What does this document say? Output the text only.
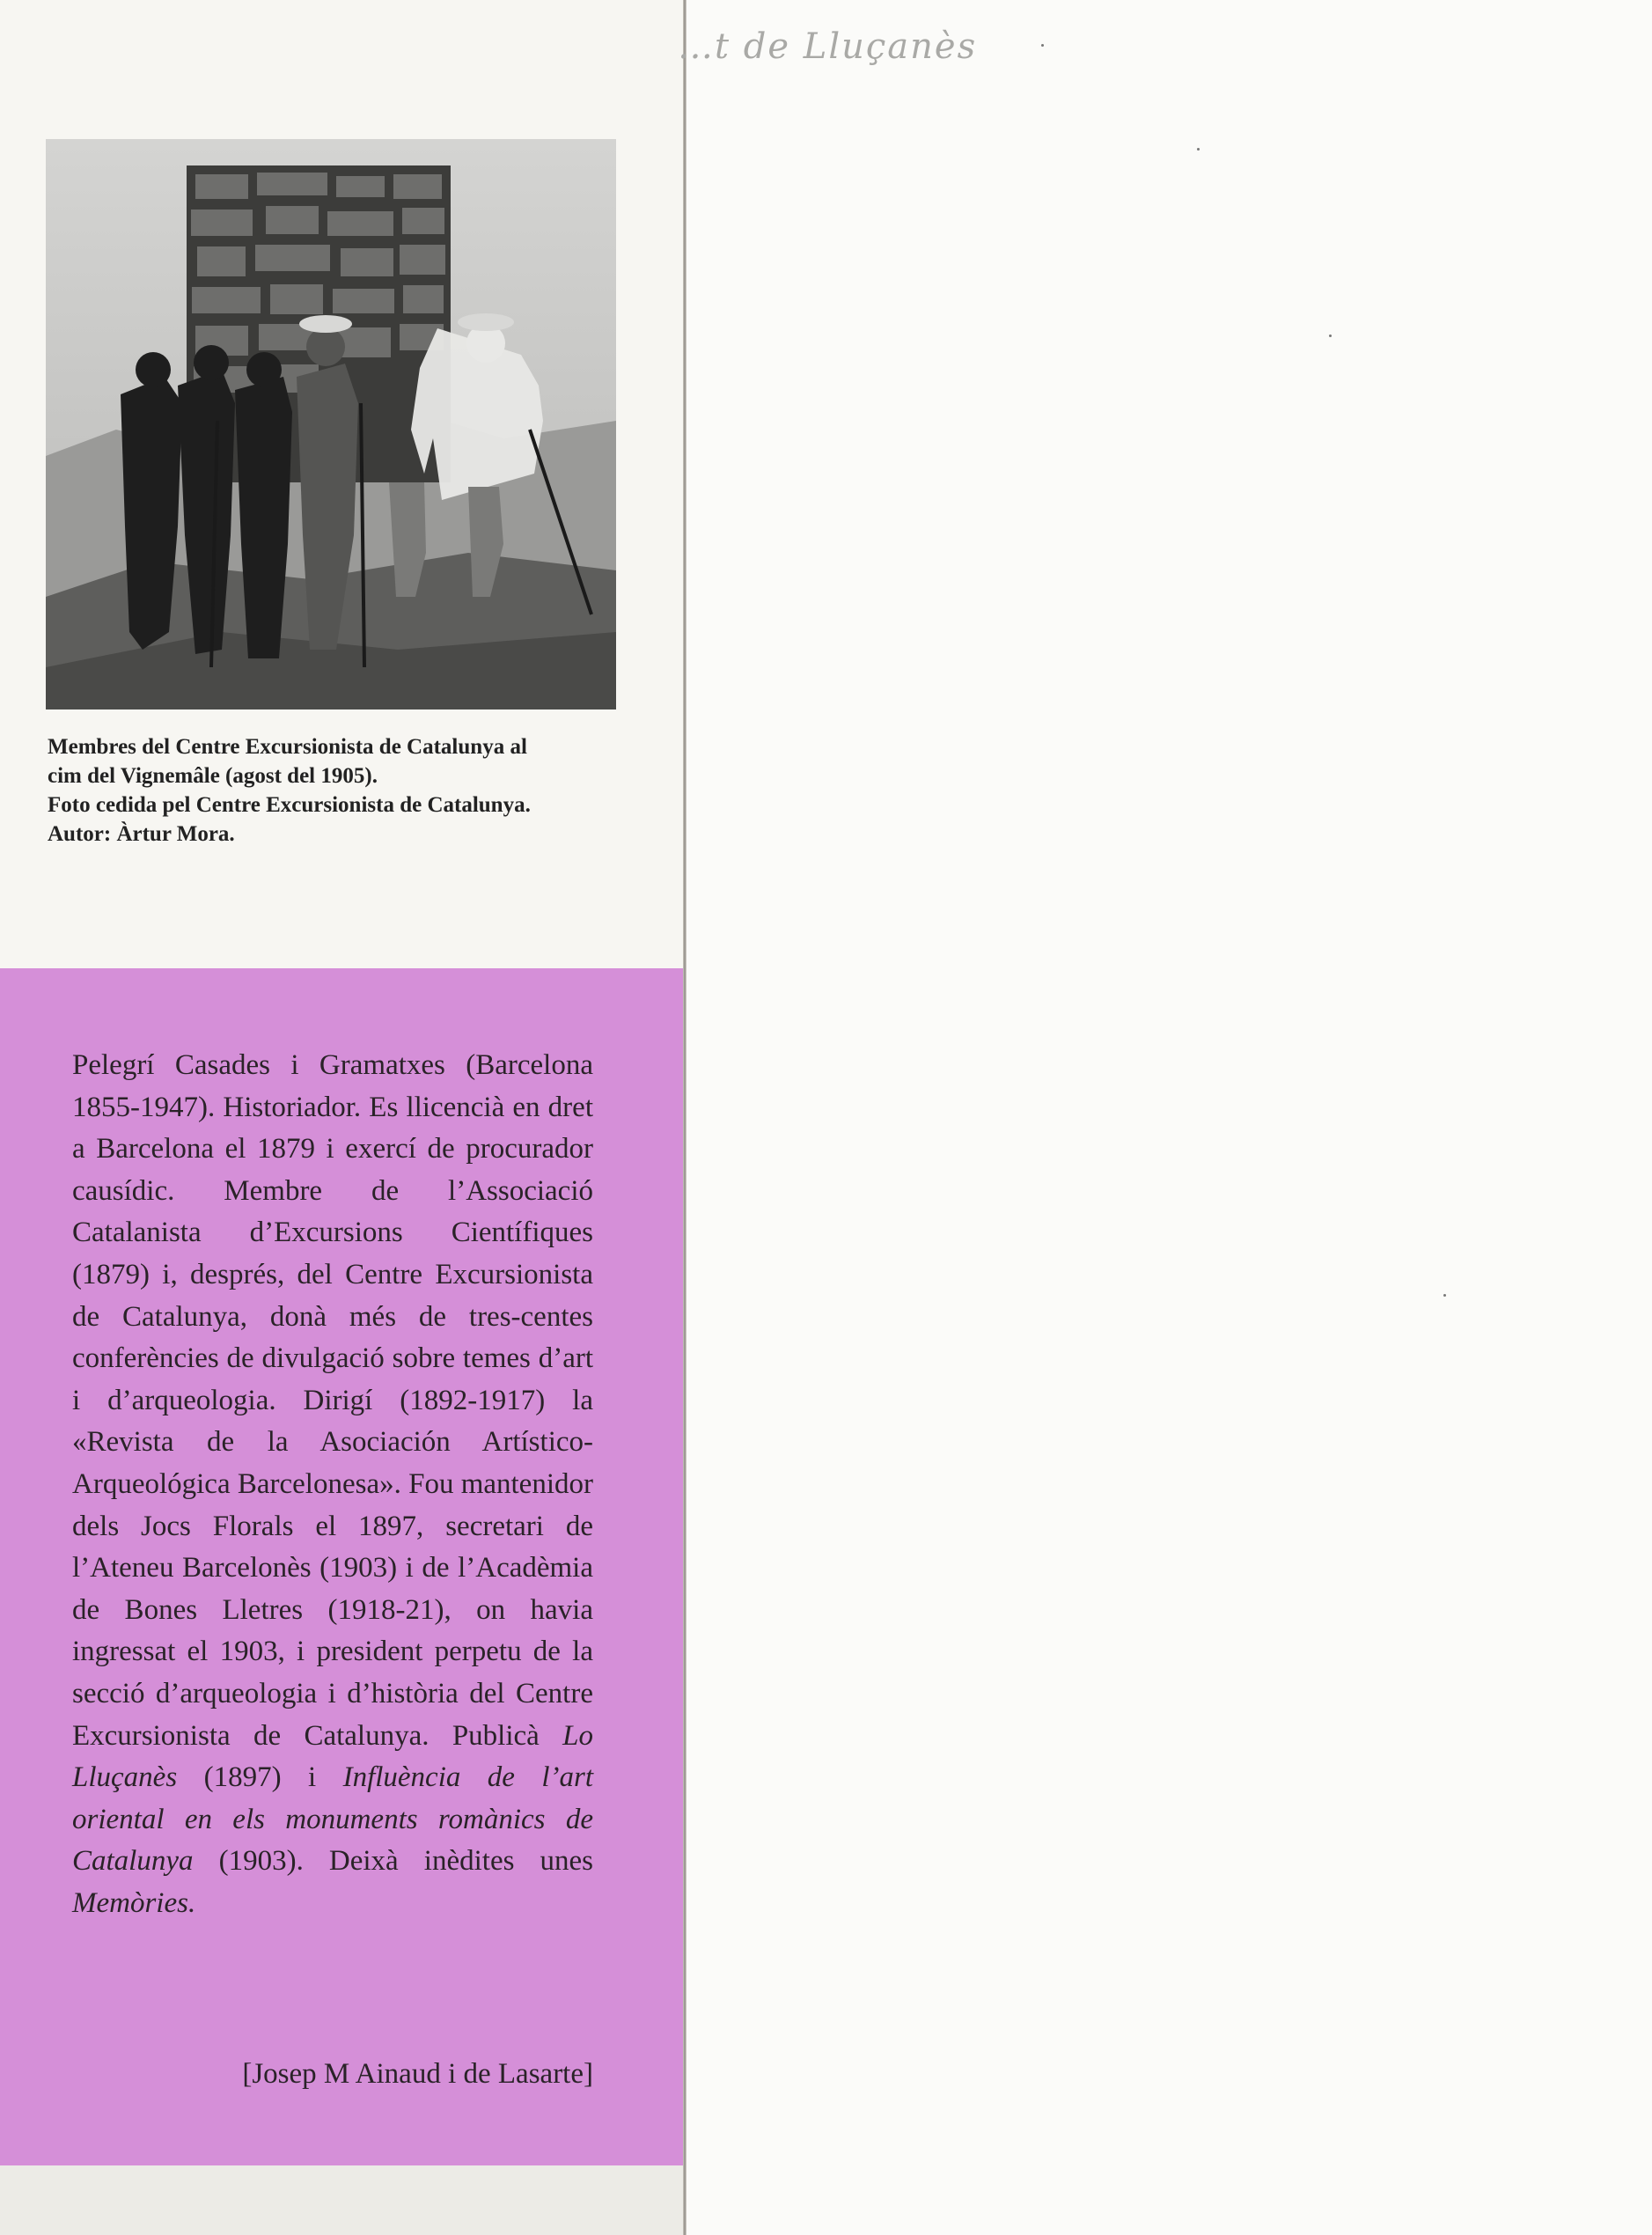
…t de Lluçanès
Membres del Centre Excursionista de Catalunya al
cim del Vignemâle (agost del 1905).
Foto cedida pel Centre Excursionista de Catalunya.
Autor: Àrtur Mora.
Pelegrí Casades i Gramatxes (Barcelona 1855-1947). Historiador. Es llicencià en dret a Barcelona el 1879 i exercí de procurador causídic. Membre de l’Associació Catalanista d’Excursions Científiques (1879) i, després, del Centre Excursionista de Catalunya, donà més de tres-centes conferències de divulgació sobre temes d’art i d’arqueologia. Dirigí (1892-1917) la «Revista de la Asociación Artístico-Arqueológica Barcelonesa». Fou mantenidor dels Jocs Florals el 1897, secretari de l’Ateneu Barcelonès (1903) i de l’Acadèmia de Bones Lletres (1918-21), on havia ingressat el 1903, i president perpetu de la secció d’arqueologia i d’història del Centre Excursionista de Catalunya. Publicà Lo Lluçanès (1897) i Influència de l’art oriental en els monuments romànics de Catalunya (1903). Deixà inèdites unes Memòries.
[Josep M Ainaud i de Lasarte]
